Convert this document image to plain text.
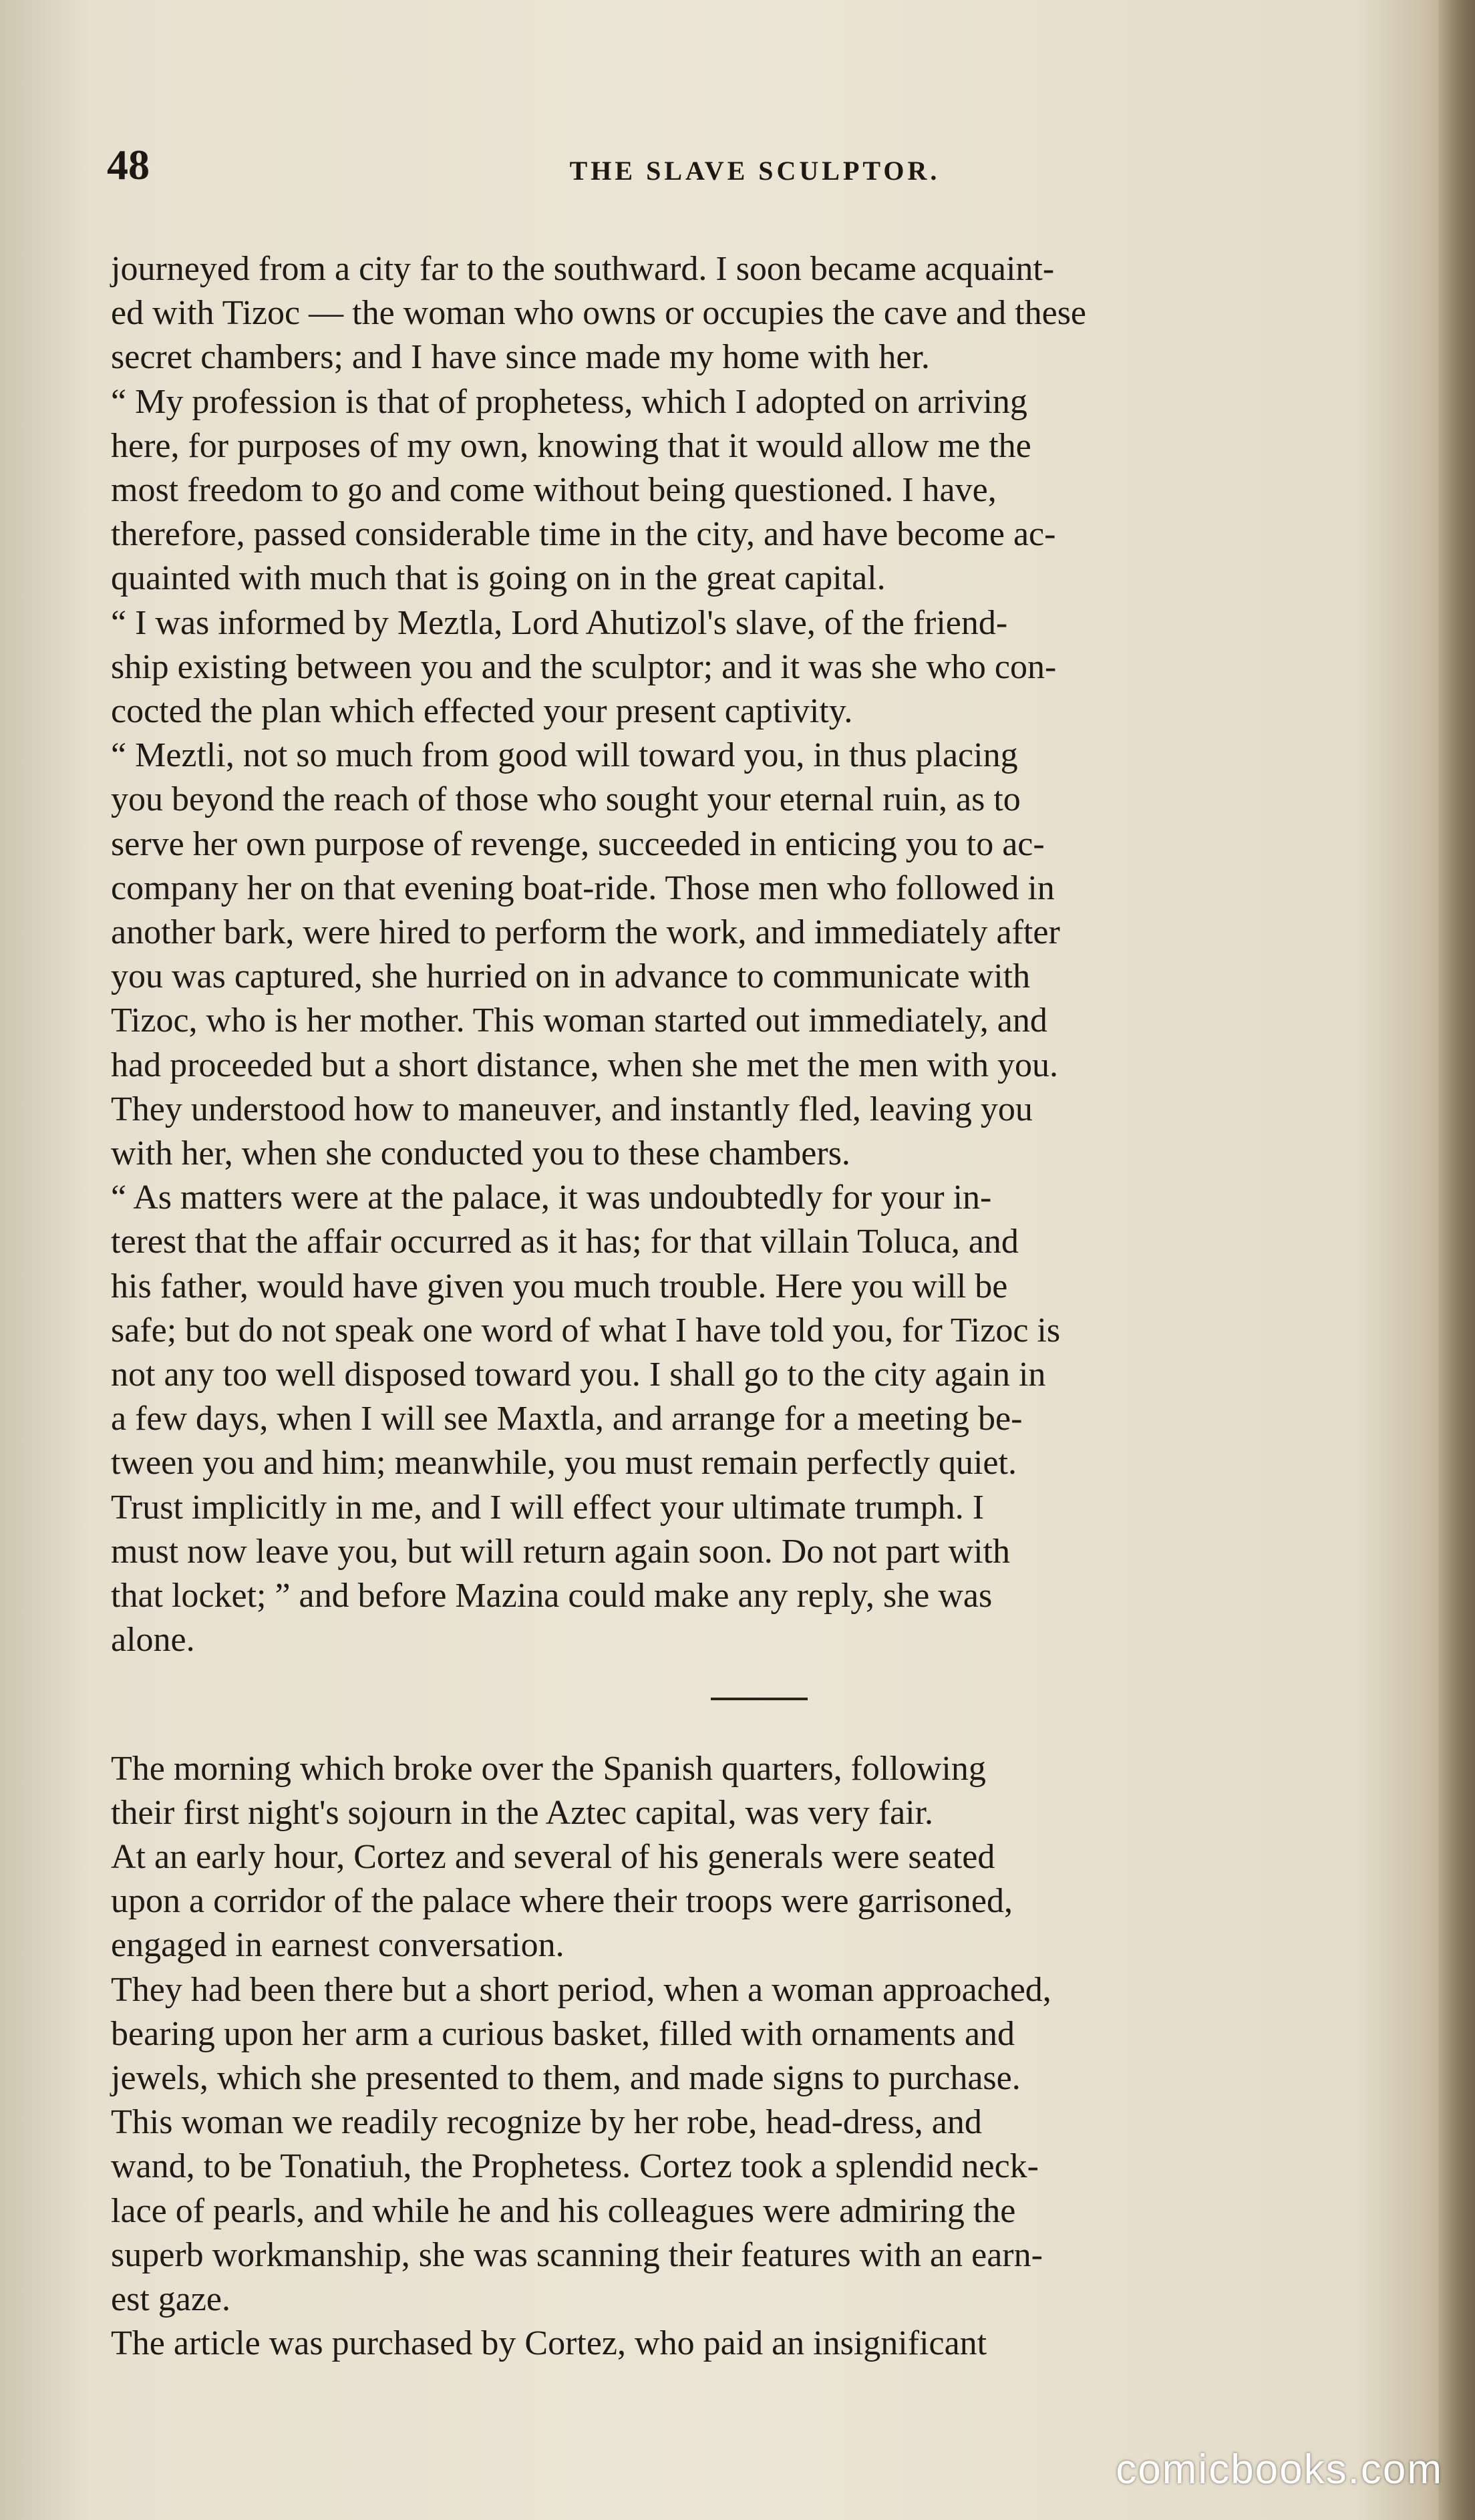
48	THE SLAVE SCULPTOR.

journeyed from a city far to the southward. I soon became acquaint-
ed with Tizoc — the woman who owns or occupies the cave and these
secret chambers; and I have since made my home with her.

“ My profession is that of prophetess, which I adopted on arriving
here, for purposes of my own, knowing that it would allow me the
most freedom to go and come without being questioned. I have,
therefore, passed considerable time in the city, and have become ac-
quainted with much that is going on in the great capital.

“ I was informed by Meztla, Lord Ahutizol's slave, of the friend-
ship existing between you and the sculptor; and it was she who con-
cocted the plan which effected your present captivity.

“ Meztli, not so much from good will toward you, in thus placing
you beyond the reach of those who sought your eternal ruin, as to
serve her own purpose of revenge, succeeded in enticing you to ac-
company her on that evening boat-ride. Those men who followed in
another bark, were hired to perform the work, and immediately after
you was captured, she hurried on in advance to communicate with
Tizoc, who is her mother. This woman started out immediately, and
had proceeded but a short distance, when she met the men with you.
They understood how to maneuver, and instantly fled, leaving you
with her, when she conducted you to these chambers.

“ As matters were at the palace, it was undoubtedly for your in-
terest that the affair occurred as it has; for that villain Toluca, and
his father, would have given you much trouble. Here you will be
safe; but do not speak one word of what I have told you, for Tizoc is
not any too well disposed toward you. I shall go to the city again in
a few days, when I will see Maxtla, and arrange for a meeting be-
tween you and him; meanwhile, you must remain perfectly quiet.
Trust implicitly in me, and I will effect your ultimate trumph. I
must now leave you, but will return again soon. Do not part with
that locket; ” and before Mazina could make any reply, she was
alone.

The morning which broke over the Spanish quarters, following
their first night's sojourn in the Aztec capital, was very fair.

At an early hour, Cortez and several of his generals were seated
upon a corridor of the palace where their troops were garrisoned,
engaged in earnest conversation.

They had been there but a short period, when a woman approached,
bearing upon her arm a curious basket, filled with ornaments and
jewels, which she presented to them, and made signs to purchase.

This woman we readily recognize by her robe, head-dress, and
wand, to be Tonatiuh, the Prophetess. Cortez took a splendid neck-
lace of pearls, and while he and his colleagues were admiring the
superb workmanship, she was scanning their features with an earn-
est gaze.

The article was purchased by Cortez, who paid an insignificant

comicbooks.com
